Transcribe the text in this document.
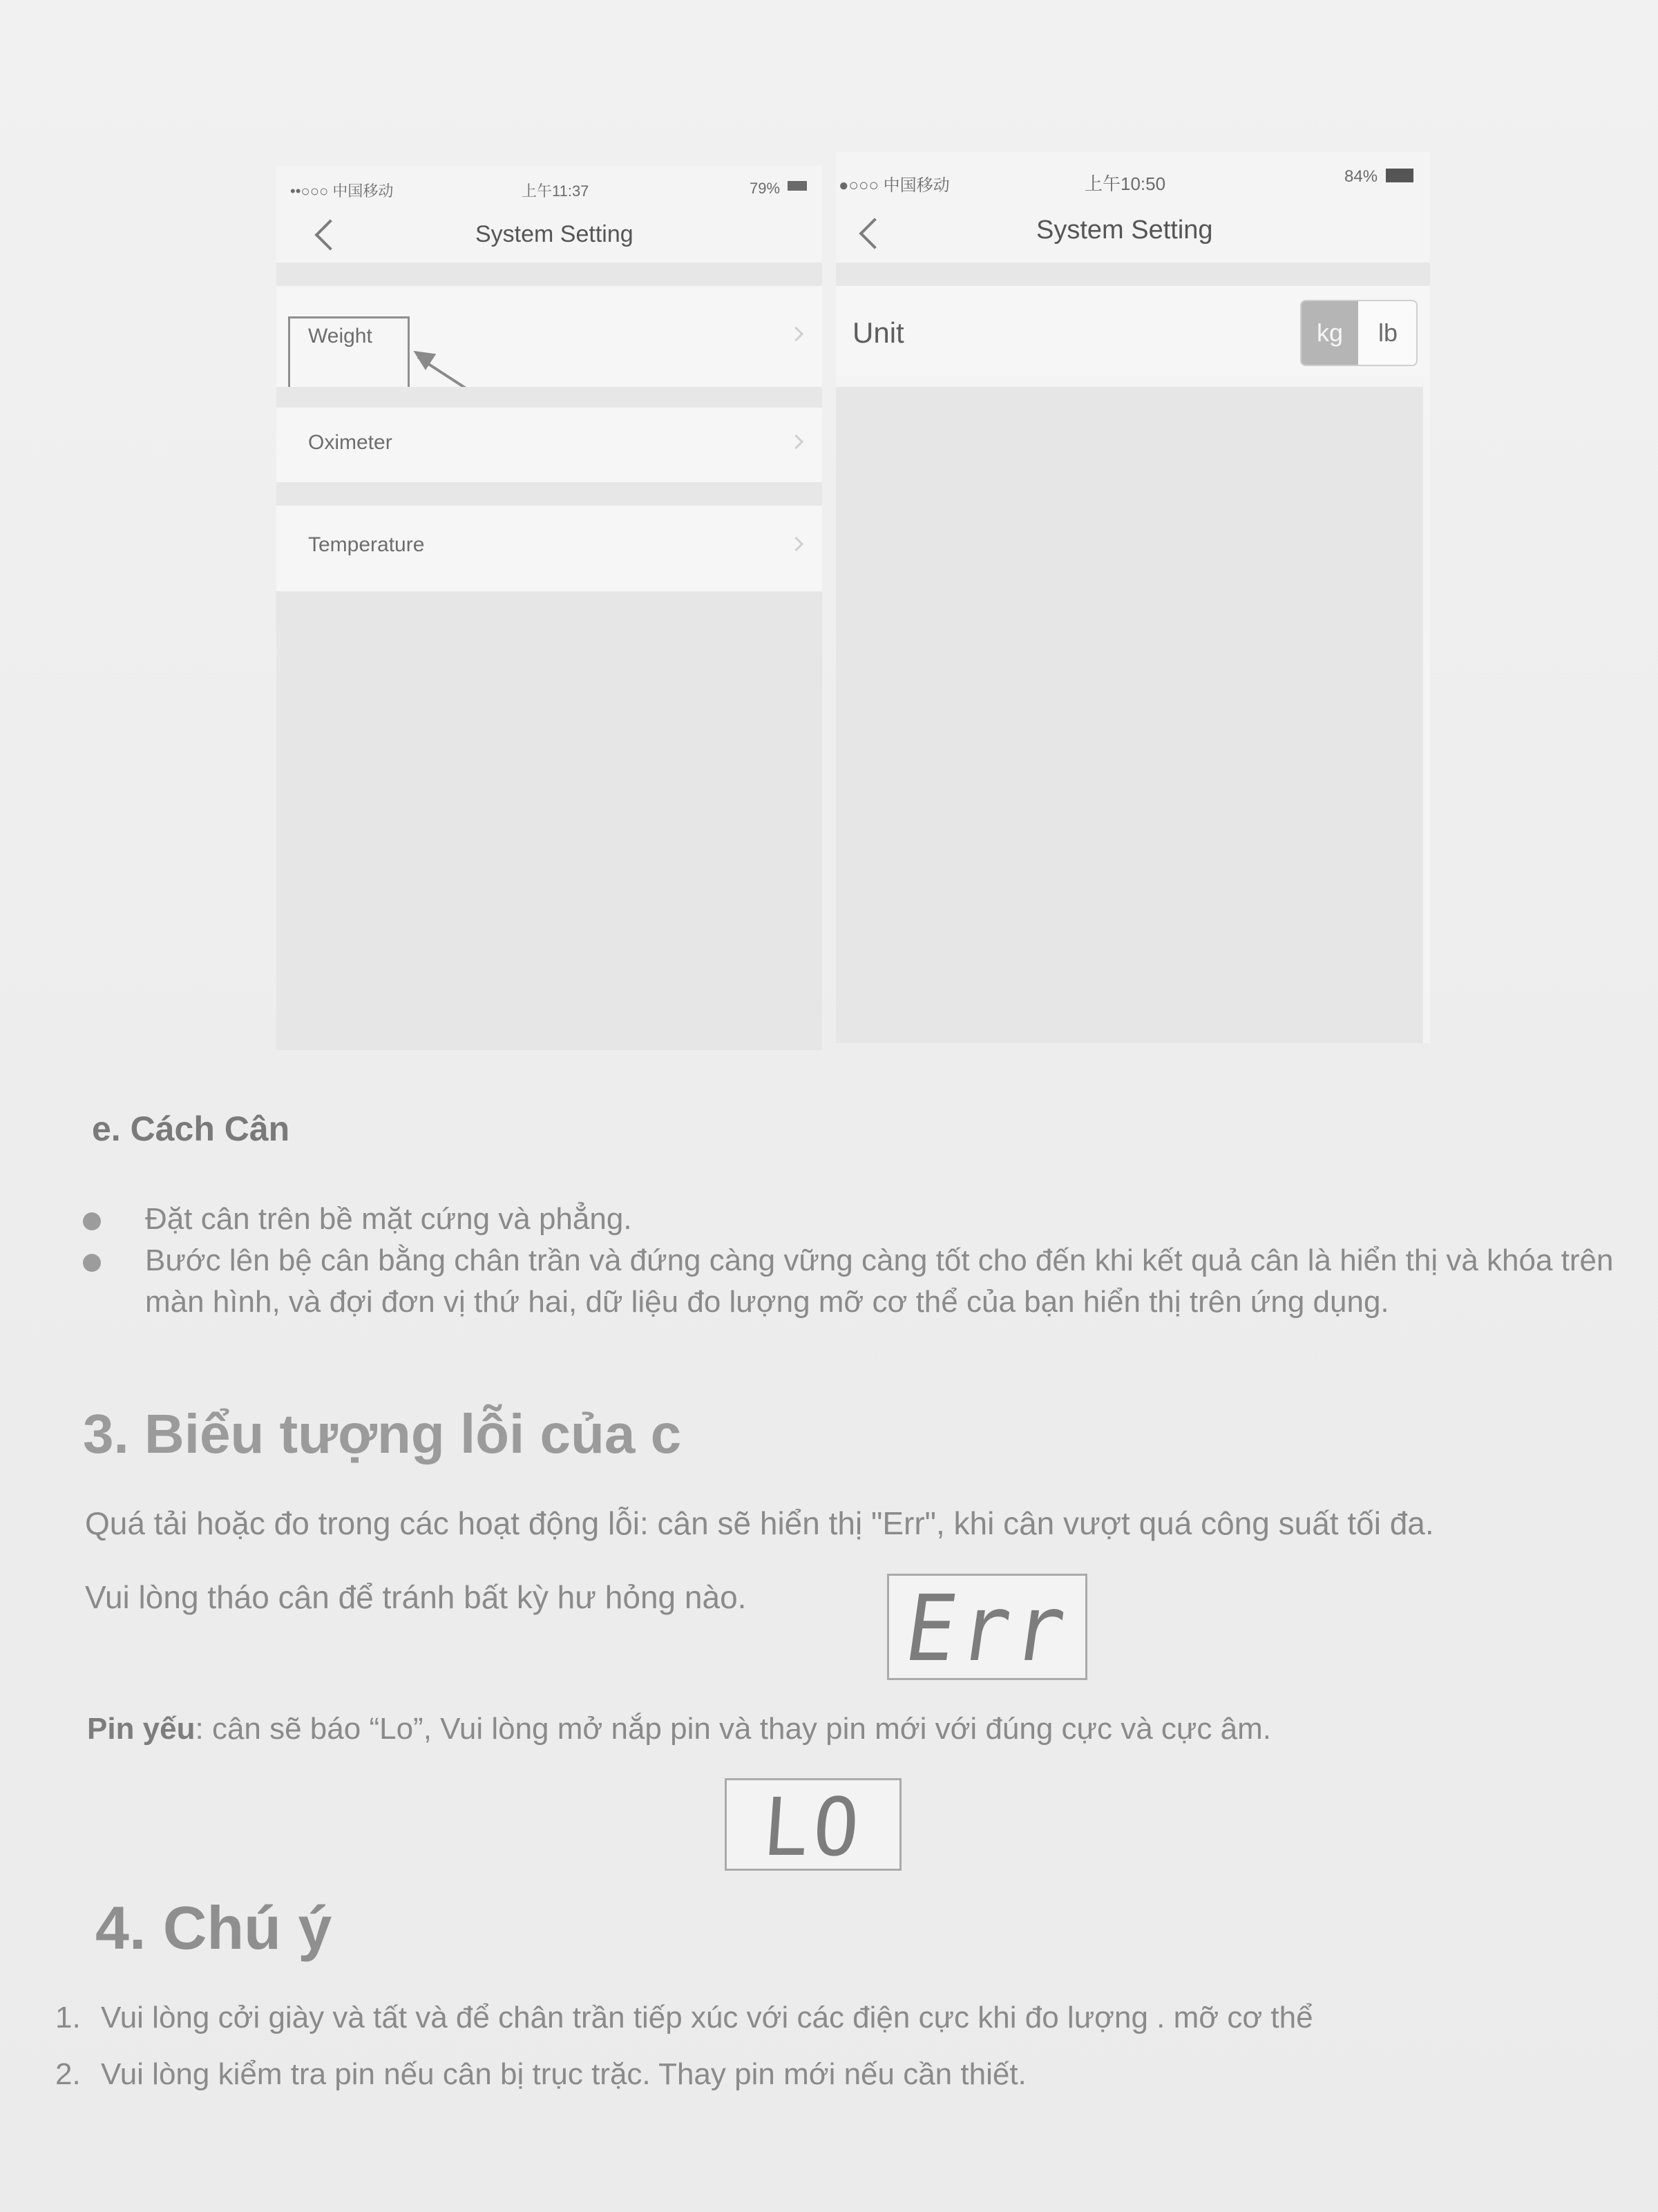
••○○○ 中国移动	上午11:37	79%
System Setting
Weight
Oximeter
Temperature
●○○○ 中国移动	上午10:50	84%
System Setting
Unit	kg	lb
e. Cách Cân
Đặt cân trên bề mặt cứng và phẳng.
Bước lên bệ cân bằng chân trần và đứng càng vững càng tốt cho đến khi kết quả cân là hiển thị và khóa trên màn hình, và đợi đơn vị thứ hai, dữ liệu đo lượng mỡ cơ thể của bạn hiển thị trên ứng dụng.
3. Biểu tượng lỗi của c
Quá tải hoặc đo trong các hoạt động lỗi: cân sẽ hiển thị "Err", khi cân vượt quá công suất tối đa.
Vui lòng tháo cân để tránh bất kỳ hư hỏng nào. Err
Pin yếu: cân sẽ báo “Lo”, Vui lòng mở nắp pin và thay pin mới với đúng cực và cực âm.
LO
4. Chú ý
1. Vui lòng cởi giày và tất và để chân trần tiếp xúc với các điện cực khi đo lượng . mỡ cơ thể
2. Vui lòng kiểm tra pin nếu cân bị trục trặc. Thay pin mới nếu cần thiết.
